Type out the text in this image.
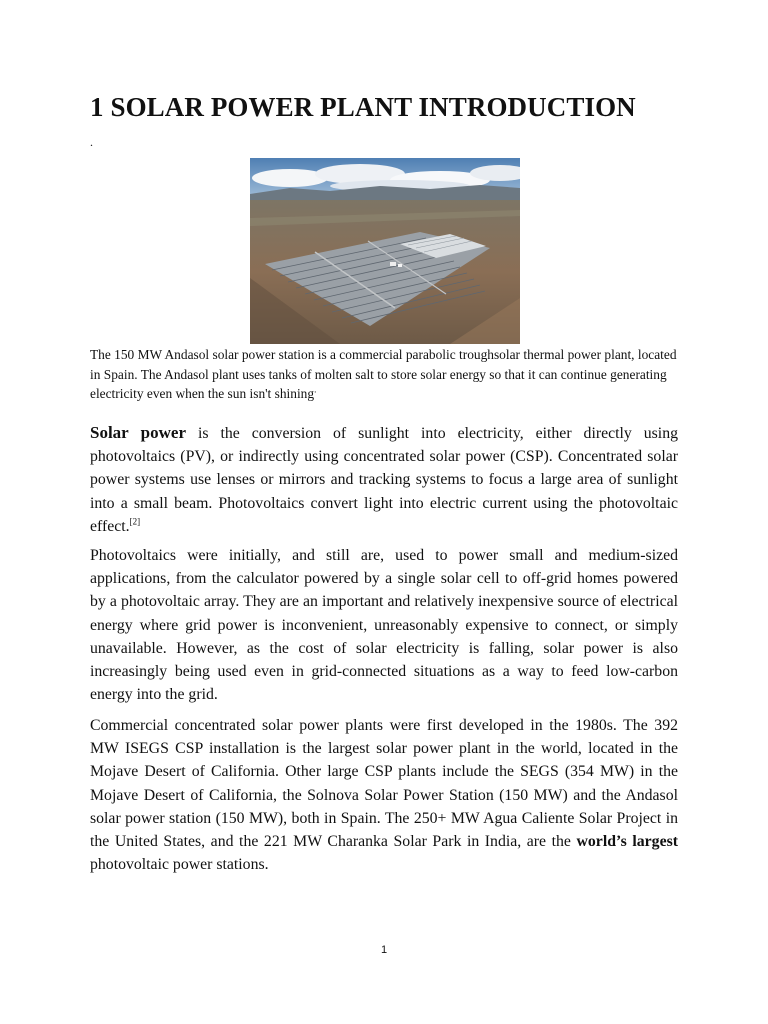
1 SOLAR POWER PLANT INTRODUCTION
.

The 150 MW Andasol solar power station is a commercial parabolic troughsolar thermal power plant, located in Spain. The Andasol plant uses tanks of molten salt to store solar energy so that it can continue generating electricity even when the sun isn't shining.

Solar power is the conversion of sunlight into electricity, either directly using photovoltaics (PV), or indirectly using concentrated solar power (CSP). Concentrated solar power systems use lenses or mirrors and tracking systems to focus a large area of sunlight into a small beam. Photovoltaics convert light into electric current using the photovoltaic effect.[2]

Photovoltaics were initially, and still are, used to power small and medium-sized applications, from the calculator powered by a single solar cell to off-grid homes powered by a photovoltaic array. They are an important and relatively inexpensive source of electrical energy where grid power is inconvenient, unreasonably expensive to connect, or simply unavailable. However, as the cost of solar electricity is falling, solar power is also increasingly being used even in grid-connected situations as a way to feed low-carbon energy into the grid.

Commercial concentrated solar power plants were first developed in the 1980s. The 392 MW ISEGS CSP installation is the largest solar power plant in the world, located in the Mojave Desert of California. Other large CSP plants include the SEGS (354 MW) in the Mojave Desert of California, the Solnova Solar Power Station (150 MW) and the Andasol solar power station (150 MW), both in Spain. The 250+ MW Agua Caliente Solar Project in the United States, and the 221 MW Charanka Solar Park in India, are the world’s largest photovoltaic power stations.

1
